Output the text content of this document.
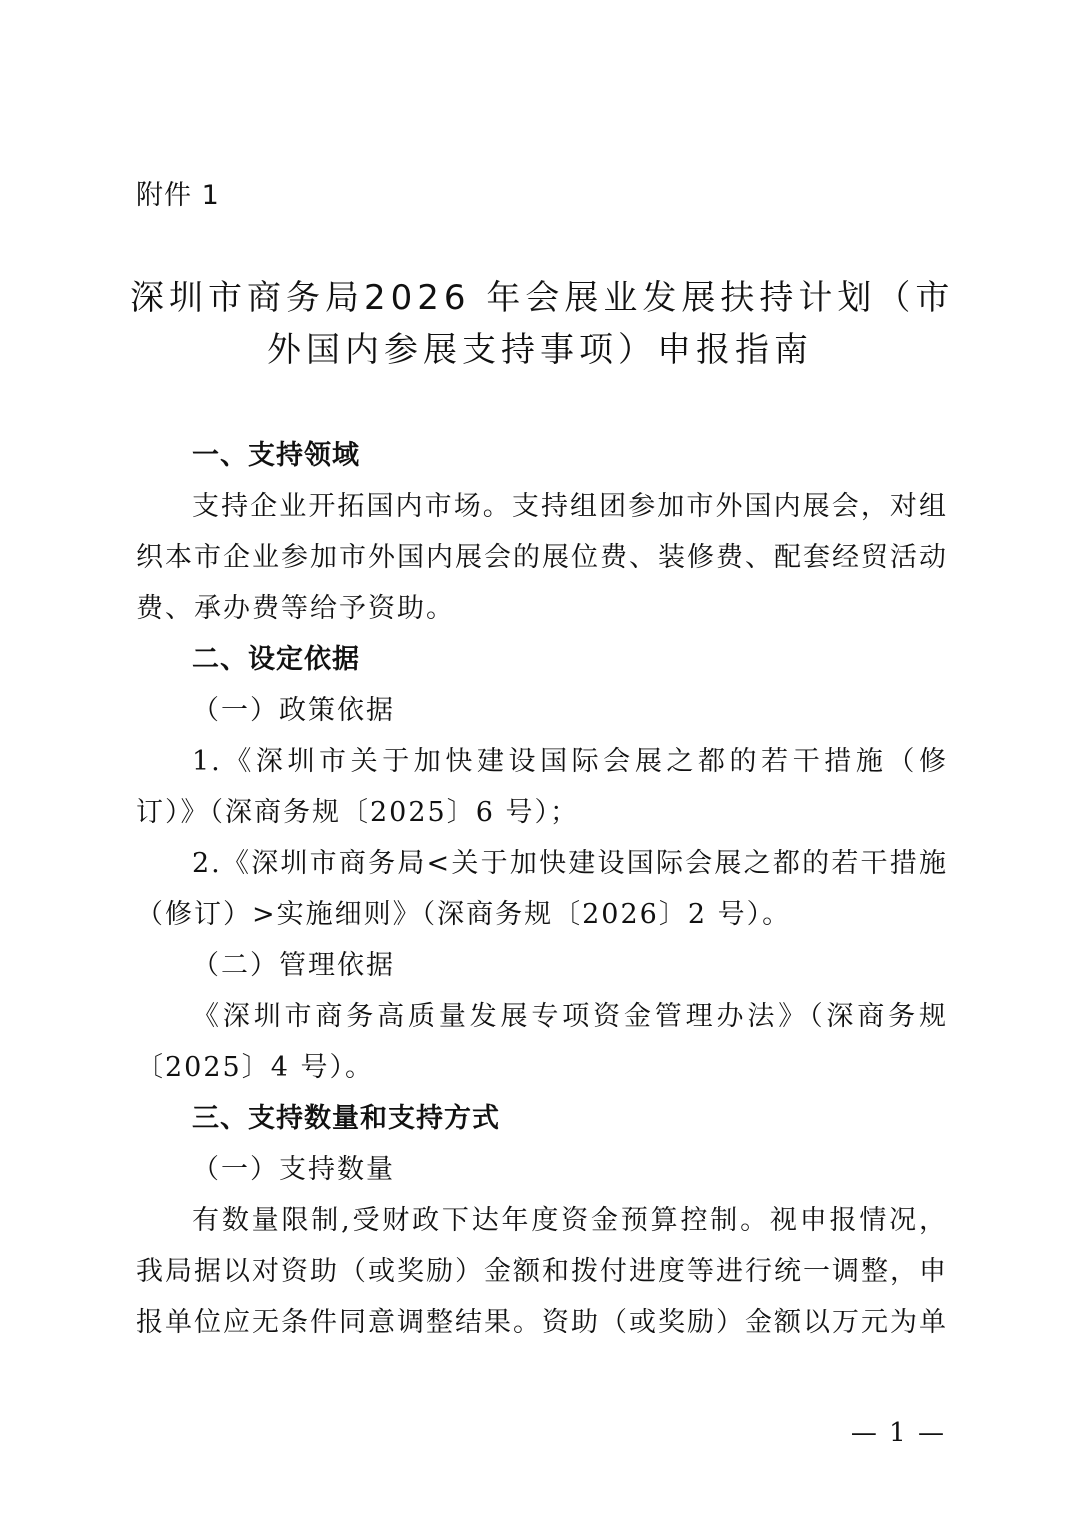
附件 1
深圳市商务局2026 年会展业发展扶持计划（市
外国内参展支持事项）申报指南

一、支持领域

支持企业开拓国内市场。支持组团参加市外国内展会，对组织本市企业参加市外国内展会的展位费、装修费、配套经贸活动费、承办费等给予资助。

二、设定依据

（一）政策依据

1.《深圳市关于加快建设国际会展之都的若干措施（修订）》（深商务规〔2025〕6 号）；

2.《深圳市商务局<关于加快建设国际会展之都的若干措施（修订）>实施细则》（深商务规〔2026〕2 号）。

（二）管理依据

《深圳市商务高质量发展专项资金管理办法》（深商务规〔2025〕4 号）。

三、支持数量和支持方式

（一）支持数量

有数量限制,受财政下达年度资金预算控制。视申报情况，我局据以对资助（或奖励）金额和拨付进度等进行统一调整，申报单位应无条件同意调整结果。资助（或奖励）金额以万元为单

— 1 —
